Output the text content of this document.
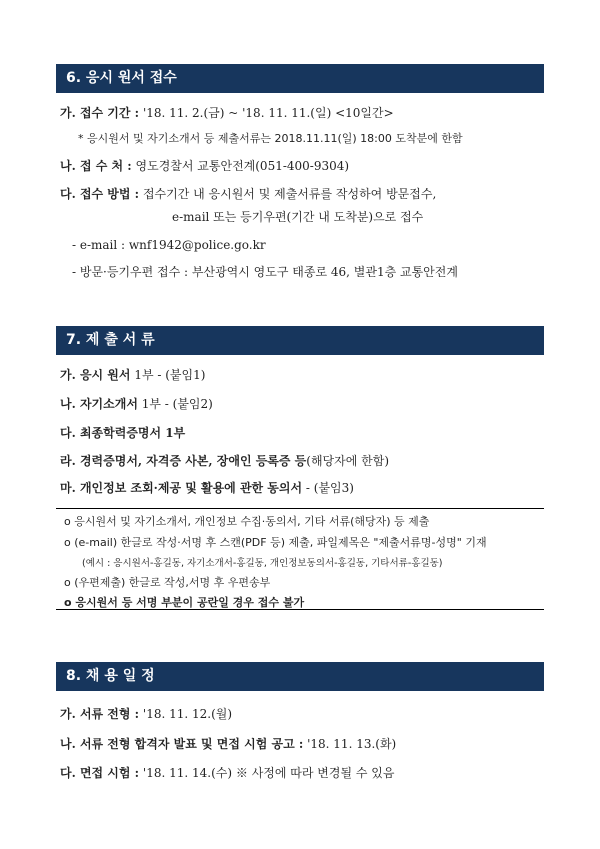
6. 응시 원서 접수
가. 접수 기간 : '18. 11. 2.(금) ~ '18. 11. 11.(일) <10일간>
* 응시원서 및 자기소개서 등 제출서류는 2018.11.11(일) 18:00 도착분에 한함
나. 접 수 처 : 영도경찰서 교통안전계(051-400-9304)
다. 접수 방법 : 접수기간 내 응시원서 및 제출서류를 작성하여 방문접수,
e-mail 또는 등기우편(기간 내 도착분)으로 접수
- e-mail : wnf1942@police.go.kr
- 방문·등기우편 접수 : 부산광역시 영도구 태종로 46, 별관1층 교통안전계
7. 제 출 서 류
가. 응시 원서 1부 - (붙임1)
나. 자기소개서 1부 - (붙임2)
다. 최종학력증명서 1부
라. 경력증명서, 자격증 사본, 장애인 등록증 등(해당자에 한함)
마. 개인정보 조회·제공 및 활용에 관한 동의서 - (붙임3)
o 응시원서 및 자기소개서, 개인정보 수집·동의서, 기타 서류(해당자) 등 제출
o (e-mail) 한글로 작성·서명 후 스캔(PDF 등) 제출, 파일제목은 "제출서류명-성명" 기재
(예시 : 응시원서-홍길동, 자기소개서-홍길동, 개인정보동의서-홍길동, 기타서류-홍길동)
o (우편제출) 한글로 작성,서명 후 우편송부
o 응시원서 등 서명 부분이 공란일 경우 접수 불가
8. 채 용 일 정
가. 서류 전형 : '18. 11. 12.(월)
나. 서류 전형 합격자 발표 및 면접 시험 공고 : '18. 11. 13.(화)
다. 면접 시험 : '18. 11. 14.(수) ※ 사정에 따라 변경될 수 있음
